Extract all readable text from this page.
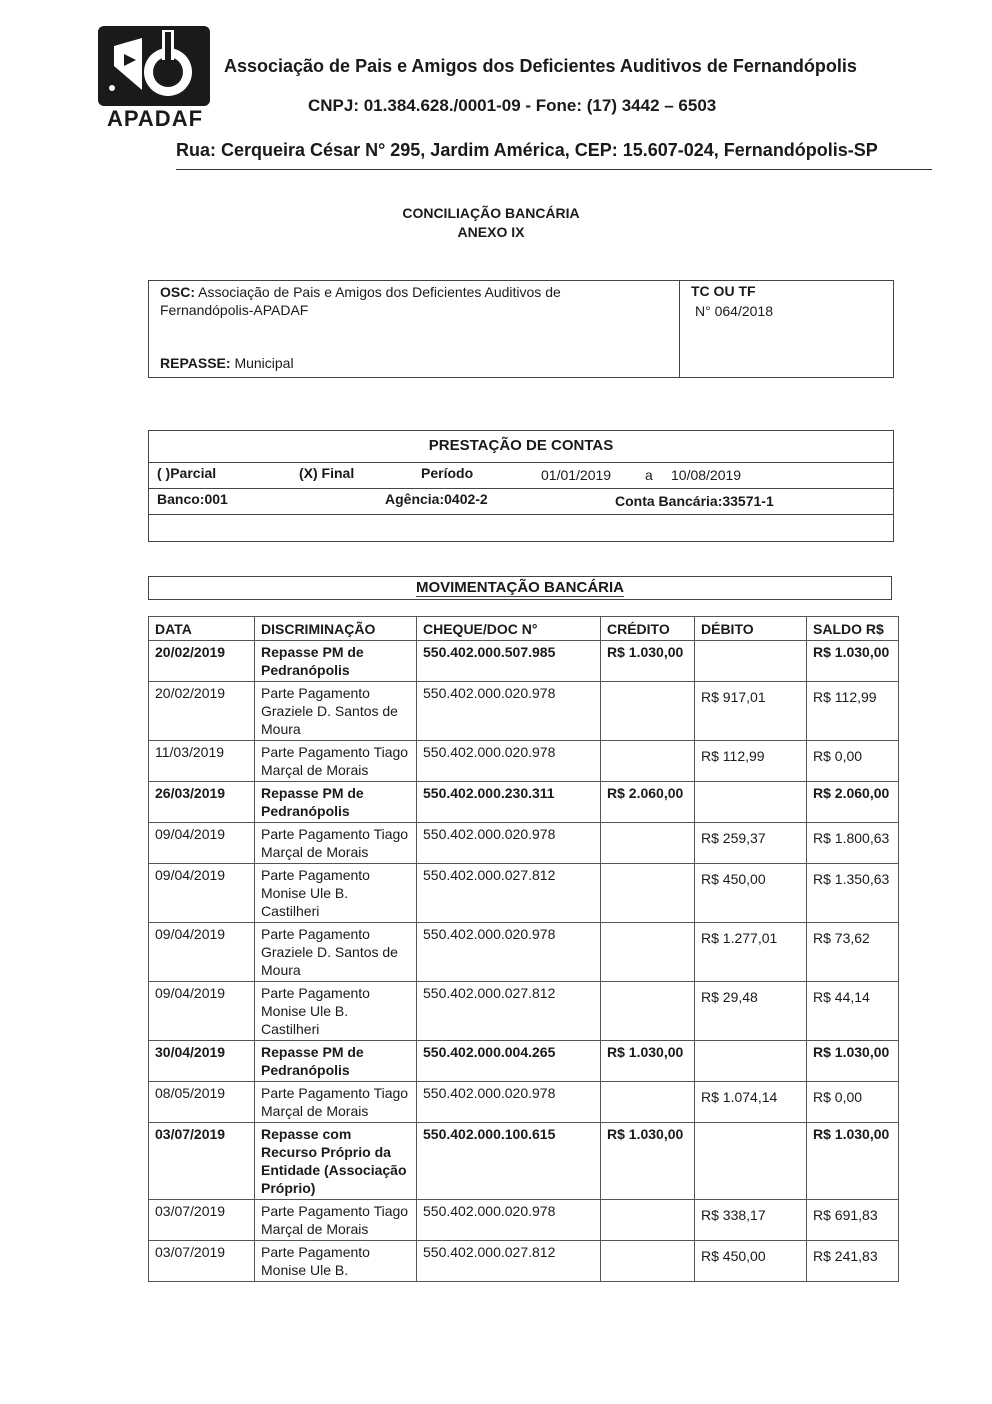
APADAF
Associação de Pais e Amigos dos Deficientes Auditivos de Fernandópolis
CNPJ: 01.384.628./0001-09 - Fone: (17) 3442 – 6503
Rua: Cerqueira César N° 295, Jardim América, CEP: 15.607-024, Fernandópolis-SP
CONCILIAÇÃO BANCÁRIA
ANEXO IX
OSC: Associação de Pais e Amigos dos Deficientes Auditivos de
Fernandópolis-APADAF
REPASSE: Municipal
TC OU TF
N° 064/2018
PRESTAÇÃO DE CONTAS
( )Parcial	(X) Final	Período	01/01/2019 a 10/08/2019
Banco:001	Agência:0402-2	Conta Bancária:33571-1
MOVIMENTAÇÃO BANCÁRIA
DATA	DISCRIMINAÇÃO	CHEQUE/DOC N°	CRÉDITO	DÉBITO	SALDO R$
20/02/2019	Repasse PM de Pedranópolis	550.402.000.507.985	R$ 1.030,00		R$ 1.030,00
20/02/2019	Parte Pagamento Graziele D. Santos de Moura	550.402.000.020.978		R$ 917,01	R$ 112,99
11/03/2019	Parte Pagamento Tiago Marçal de Morais	550.402.000.020.978		R$ 112,99	R$ 0,00
26/03/2019	Repasse PM de Pedranópolis	550.402.000.230.311	R$ 2.060,00		R$ 2.060,00
09/04/2019	Parte Pagamento Tiago Marçal de Morais	550.402.000.020.978		R$ 259,37	R$ 1.800,63
09/04/2019	Parte Pagamento Monise Ule B. Castilheri	550.402.000.027.812		R$ 450,00	R$ 1.350,63
09/04/2019	Parte Pagamento Graziele D. Santos de Moura	550.402.000.020.978		R$ 1.277,01	R$ 73,62
09/04/2019	Parte Pagamento Monise Ule B. Castilheri	550.402.000.027.812		R$ 29,48	R$ 44,14
30/04/2019	Repasse PM de Pedranópolis	550.402.000.004.265	R$ 1.030,00		R$ 1.030,00
08/05/2019	Parte Pagamento Tiago Marçal de Morais	550.402.000.020.978		R$ 1.074,14	R$ 0,00
03/07/2019	Repasse com Recurso Próprio da Entidade (Associação Próprio)	550.402.000.100.615	R$ 1.030,00		R$ 1.030,00
03/07/2019	Parte Pagamento Tiago Marçal de Morais	550.402.000.020.978		R$ 338,17	R$ 691,83
03/07/2019	Parte Pagamento Monise Ule B.	550.402.000.027.812		R$ 450,00	R$ 241,83
